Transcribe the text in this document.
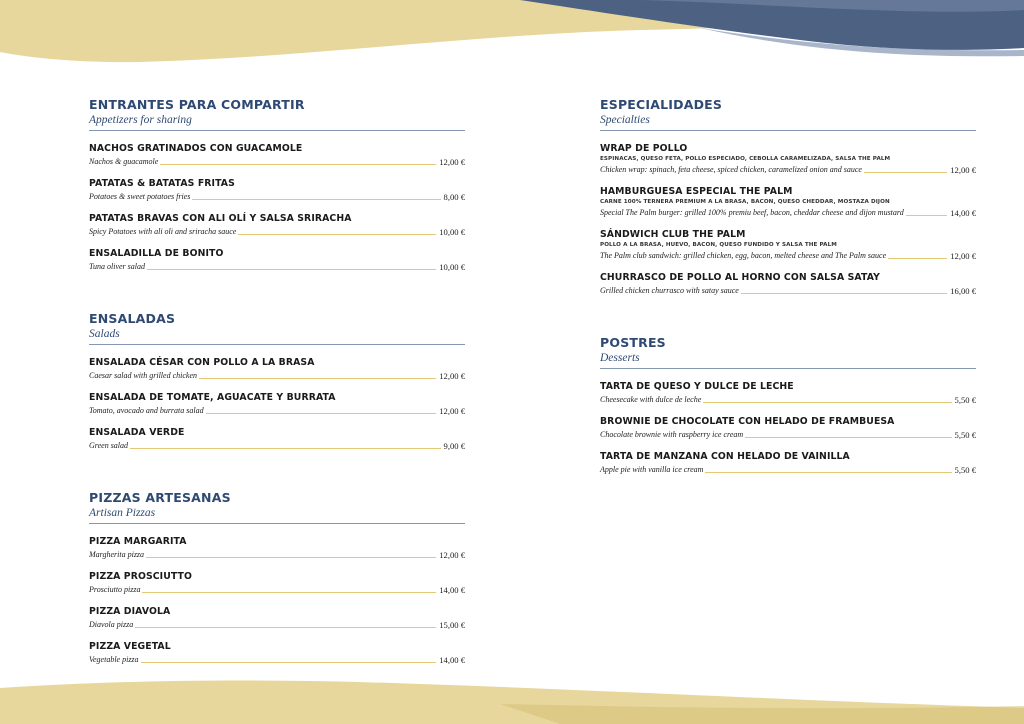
ENTRANTES PARA COMPARTIR
Appetizers for sharing
NACHOS GRATINADOS CON GUACAMOLE
Nachos & guacamole	12,00 €
PATATAS & BATATAS FRITAS
Potatoes & sweet potatoes fries	8,00 €
PATATAS BRAVAS CON ALI OLÍ Y SALSA SRIRACHA
Spicy Potatoes with ali oli and sriracha sauce	10,00 €
ENSALADILLA DE BONITO
Tuna oliver salad	10,00 €
ENSALADAS
Salads
ENSALADA CÉSAR CON POLLO A LA BRASA
Caesar salad with grilled chicken	12,00 €
ENSALADA DE TOMATE, AGUACATE Y BURRATA
Tomato, avocado and burrata salad	12,00 €
ENSALADA VERDE
Green salad	9,00 €
PIZZAS ARTESANAS
Artisan Pizzas
PIZZA MARGARITA
Margherita pizza	12,00 €
PIZZA PROSCIUTTO
Prosciutto pizza	14,00 €
PIZZA DIAVOLA
Diavola pizza	15,00 €
PIZZA VEGETAL
Vegetable pizza	14,00 €
ESPECIALIDADES
Specialties
WRAP DE POLLO
ESPINACAS, QUESO FETA, POLLO ESPECIADO, CEBOLLA CARAMELIZADA, SALSA THE PALM
Chicken wrap: spinach, feta cheese, spiced chicken, caramelized onion and sauce	12,00 €
HAMBURGUESA ESPECIAL THE PALM
CARNE 100% TERNERA PREMIUM A LA BRASA, BACON, QUESO CHEDDAR, MOSTAZA DIJON
Special The Palm burger: grilled 100% premiu beef, bacon, cheddar cheese and dijon mustard	14,00 €
SÁNDWICH CLUB THE PALM
POLLO A LA BRASA, HUEVO, BACON, QUESO FUNDIDO Y SALSA THE PALM
The Palm club sandwich: grilled chicken, egg, bacon, melted cheese and The Palm sauce	12,00 €
CHURRASCO DE POLLO AL HORNO CON SALSA SATAY
Grilled chicken churrasco with satay sauce	16,00 €
POSTRES
Desserts
TARTA DE QUESO Y DULCE DE LECHE
Cheesecake with dulce de leche	5,50 €
BROWNIE DE CHOCOLATE CON HELADO DE FRAMBUESA
Chocolate brownie with raspberry ice cream	5,50 €
TARTA DE MANZANA CON HELADO DE VAINILLA
Apple pie with vanilla ice cream	5,50 €
